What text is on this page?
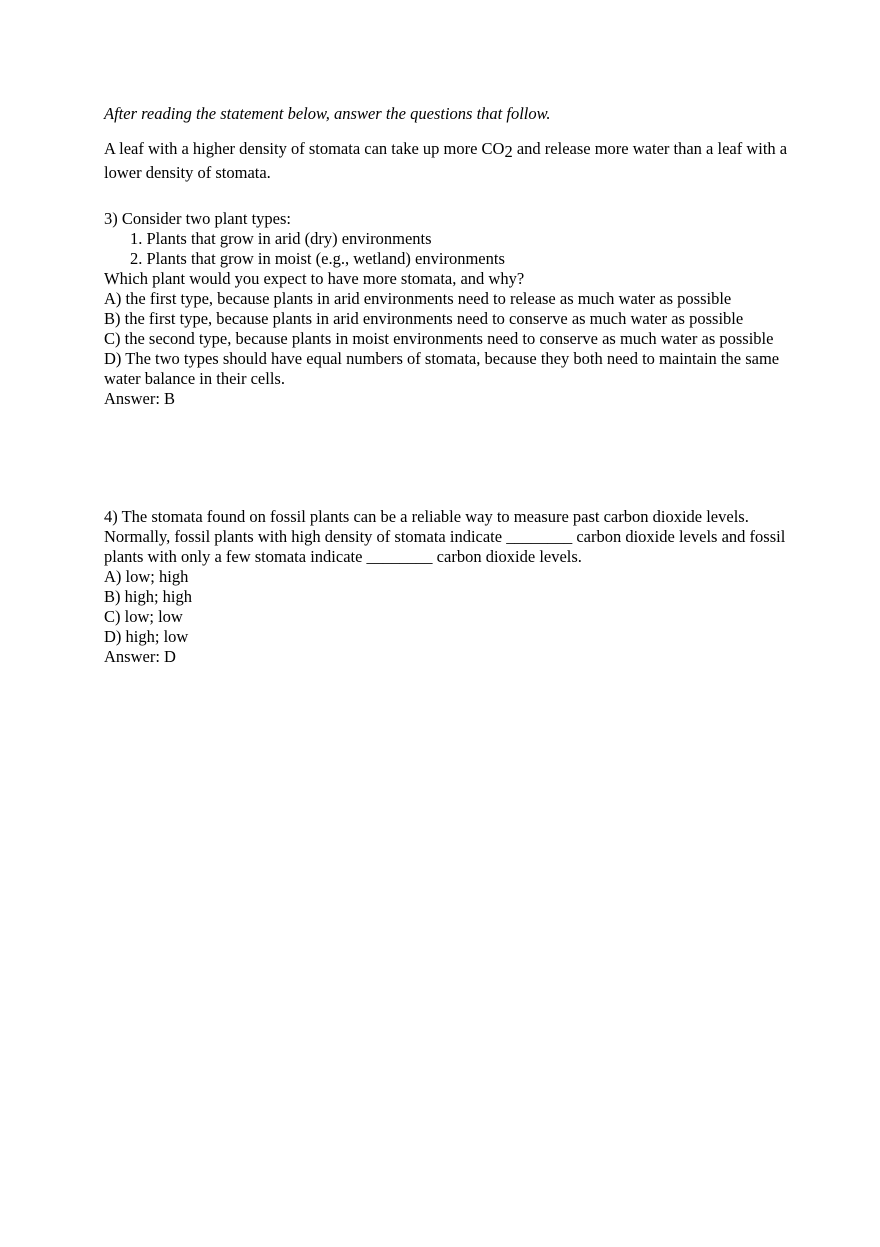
After reading the statement below, answer the questions that follow.

A leaf with a higher density of stomata can take up more $CO_2$ and release more water than a leaf with a lower density of stomata.

3) Consider two plant types:
1. Plants that grow in arid (dry) environments
2. Plants that grow in moist (e.g., wetland) environments
Which plant would you expect to have more stomata, and why?
A) the first type, because plants in arid environments need to release as much water as possible
B) the first type, because plants in arid environments need to conserve as much water as possible
C) the second type, because plants in moist environments need to conserve as much water as possible
D) The two types should have equal numbers of stomata, because they both need to maintain the same water balance in their cells.
Answer: B
4) The stomata found on fossil plants can be a reliable way to measure past carbon dioxide levels. Normally, fossil plants with high density of stomata indicate ________ carbon dioxide levels and fossil plants with only a few stomata indicate ________ carbon dioxide levels.
A) low; high
B) high; high
C) low; low
D) high; low
Answer: D
